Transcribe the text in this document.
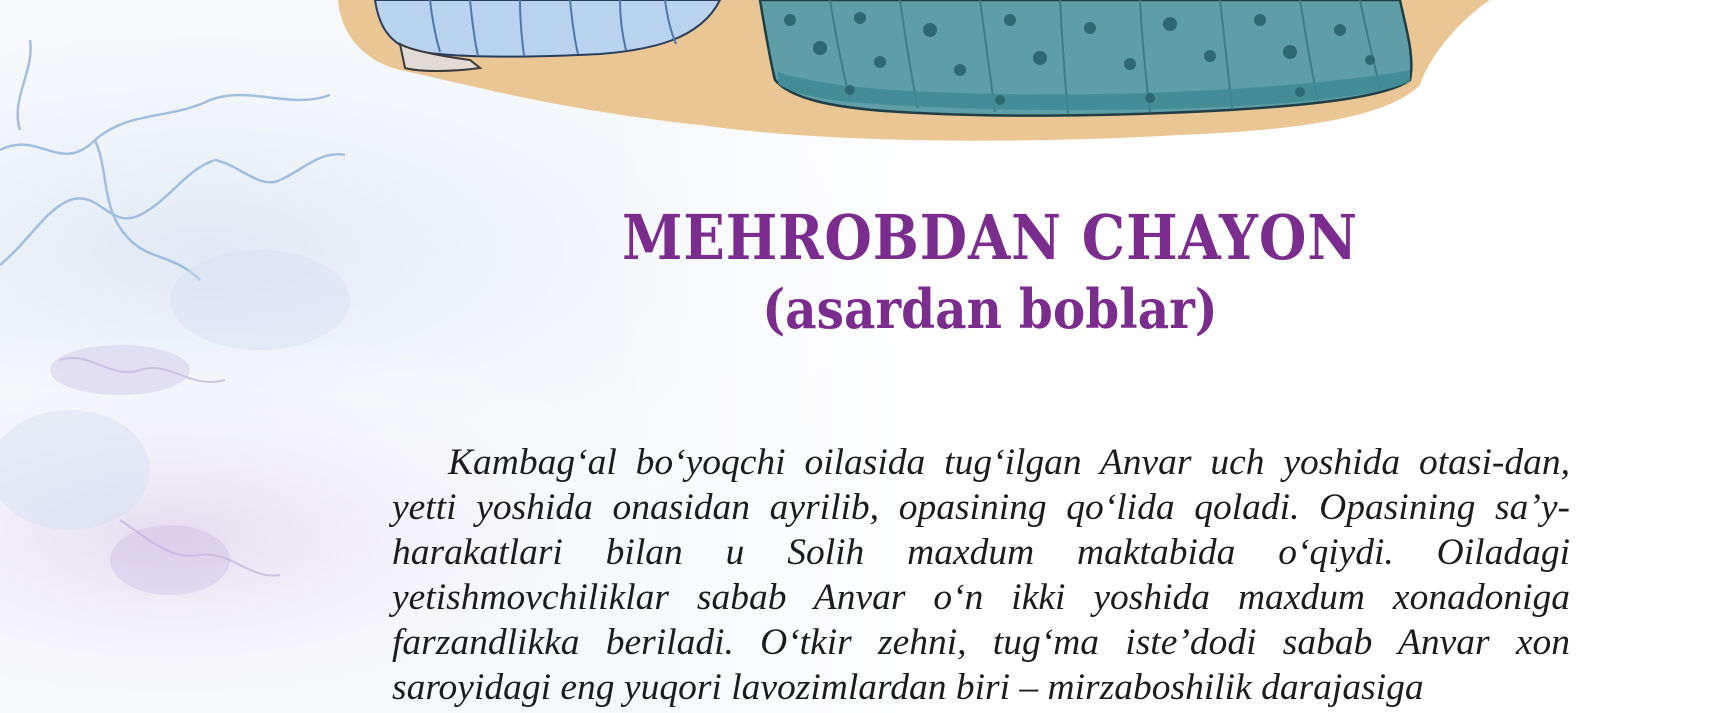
MEHROBDAN CHAYON
(asardan boblar)
Kambag‘al bo‘yoqchi oilasida tug‘ilgan Anvar uch yoshida otasi-dan, yetti yoshida onasidan ayrilib, opasining qo‘lida qoladi. Opasining sa’y-harakatlari bilan u Solih maxdum maktabida o‘qiydi. Oiladagi yetishmovchiliklar sabab Anvar o‘n ikki yoshida maxdum xonadoniga farzandlikka beriladi. O‘tkir zehni, tug‘ma iste’dodi sabab Anvar xon saroyidagi eng yuqori lavozimlardan biri – mirzaboshilik darajasiga
